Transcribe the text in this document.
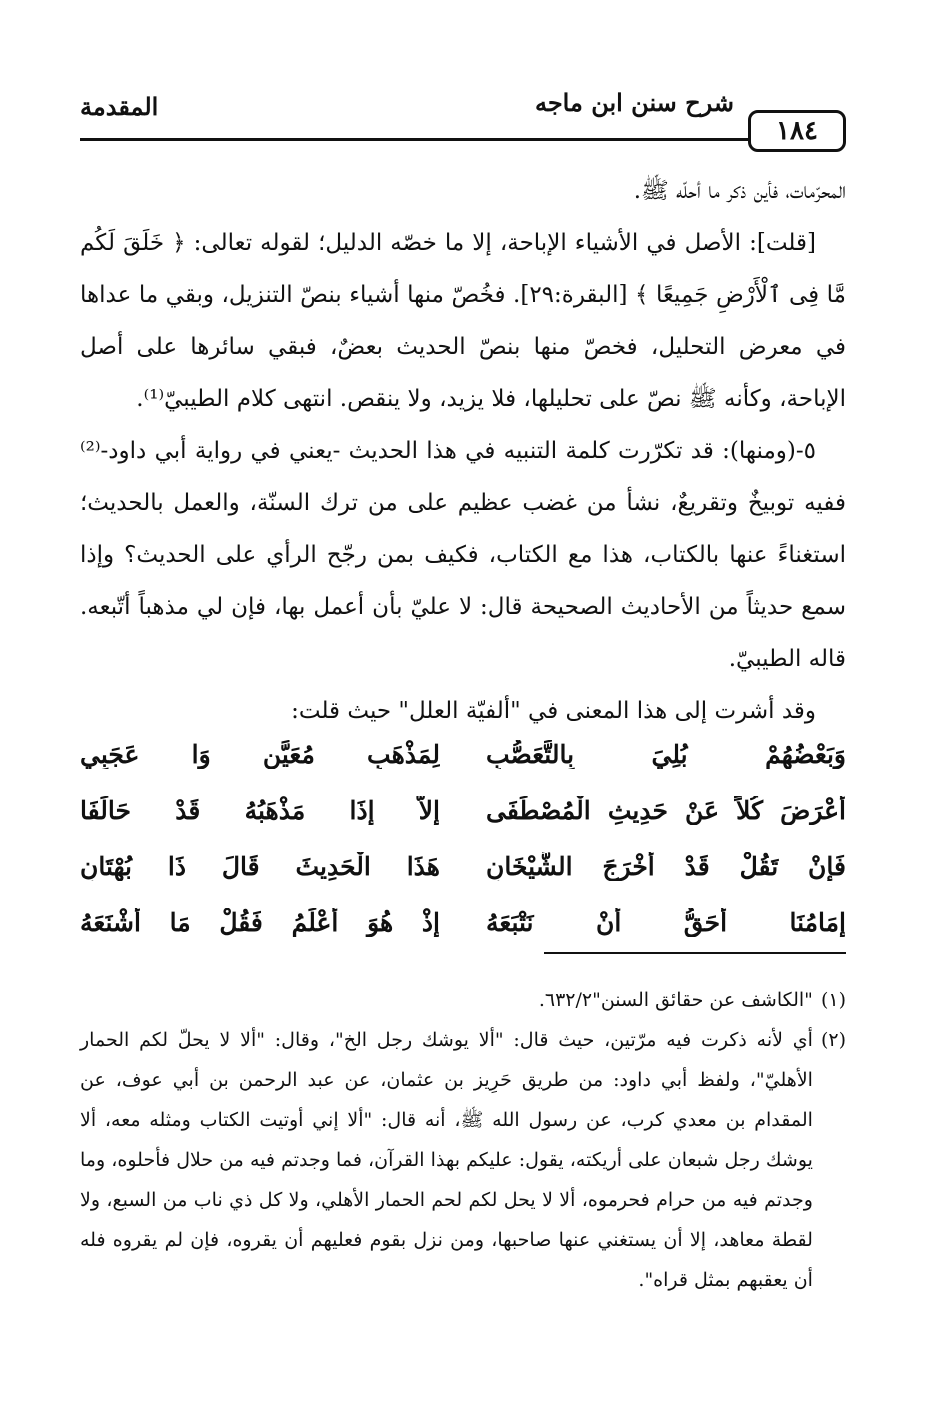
١٨٤
شرح سنن ابن ماجه
المقدمة

المحرّمات، فأين ذكر ما أحلّه ﷺ.

[قلت]: الأصل في الأشياء الإباحة، إلا ما خصّه الدليل؛ لقوله تعالى: ﴿ خَلَقَ لَكُم مَّا فِى ٱلْأَرْضِ جَمِيعًا ﴾ [البقرة:٢٩]. فخُصّ منها أشياء بنصّ التنزيل، وبقي ما عداها في معرض التحليل، فخصّ منها بنصّ الحديث بعضٌ، فبقي سائرها على أصل الإباحة، وكأنه ﷺ نصّ على تحليلها، فلا يزيد، ولا ينقص. انتهى كلام الطيبيّ⁽¹⁾.

٥-(ومنها): قد تكرّرت كلمة التنبيه في هذا الحديث -يعني في رواية أبي داود-⁽²⁾ ففيه توبيخٌ وتقريعٌ، نشأ من غضب عظيم على من ترك السنّة، والعمل بالحديث؛ استغناءً عنها بالكتاب، هذا مع الكتاب، فكيف بمن رجّح الرأي على الحديث؟ وإذا سمع حديثاً من الأحاديث الصحيحة قال: لا عليّ بأن أعمل بها، فإن لي مذهباً أتّبعه. قاله الطيبيّ.

وقد أشرت إلى هذا المعنى في "ألفيّة العلل" حيث قلت:

وَبَعْضُهُمْ بُلِيَ بِالتَّعَصُّبِ
لِمَذْهَبٍ مُعَيَّنٍ وَا عَجَبِي
أَعْرَضَ كُلاً عَنْ حَدِيثِ الْمُصْطَفَى
إِلاَّ إِذَا مَذْهَبُهُ قَدْ حَالَفَا
فَإِنْ تَقُلْ قَدْ أَخْرَجَ الشَّيْخَانِ
هَذَا الْحَدِيثَ قَالَ ذَا بُهْتَانِ
إِمَامُنَا أَحَقُّ أَنْ نَتْبَعَهُ
إِذْ هُوَ أَعْلَمُ فَقُلْ مَا أَشْنَعَهُ
(١)

"الكاشف عن حقائق السنن"٦٣٢/٢.

(٢)

أي لأنه ذكرت فيه مرّتين، حيث قال: "ألا يوشك رجل الخ"، وقال: "ألا لا يحلّ لكم الحمار الأهليّ"، ولفظ أبي داود: من طريق حَرِيز بن عثمان، عن عبد الرحمن بن أبي عوف، عن المقدام بن معدي كرب، عن رسول الله ﷺ، أنه قال: "ألا إني أوتيت الكتاب ومثله معه، ألا يوشك رجل شبعان على أريكته، يقول: عليكم بهذا القرآن، فما وجدتم فيه من حلال فأحلوه، وما وجدتم فيه من حرام فحرموه، ألا لا يحل لكم لحم الحمار الأهلي، ولا كل ذي ناب من السبع، ولا لقطة معاهد، إلا أن يستغني عنها صاحبها، ومن نزل بقوم فعليهم أن يقروه، فإن لم يقروه فله أن يعقبهم بمثل قراه".
